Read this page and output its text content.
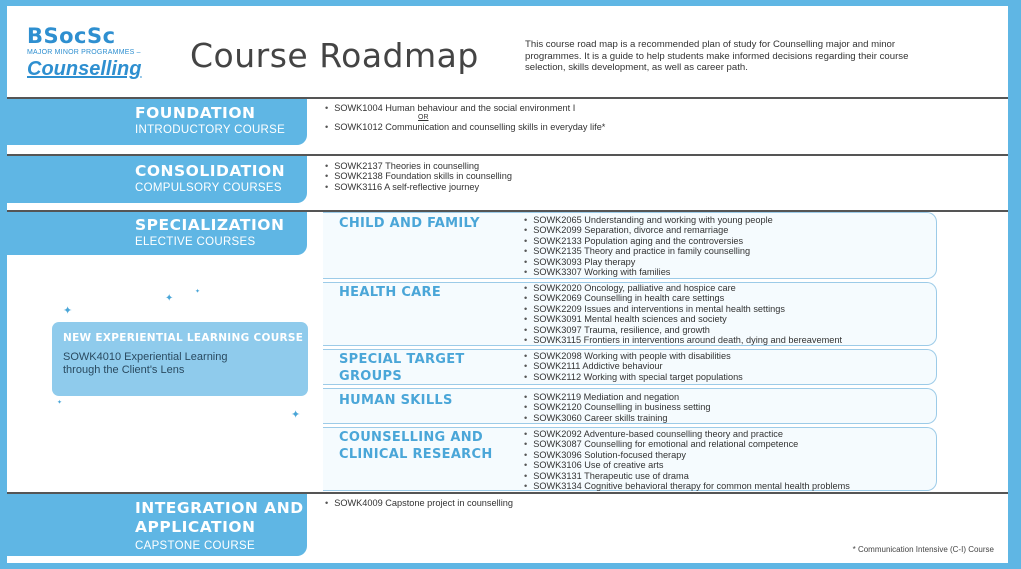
BSocSc
MAJOR MINOR PROGRAMMES –
Counselling	Course Roadmap	This course road map is a recommended plan of study for Counselling major and minor programmes. It is a guide to help students make informed decisions regarding their course selection, skills development, as well as career path.
FOUNDATION
INTRODUCTORY COURSE
• SOWK1004 Human behaviour and the social environment I
OR
• SOWK1012 Communication and counselling skills in everyday life*
CONSOLIDATION
COMPULSORY COURSES
• SOWK2137 Theories in counselling
• SOWK2138 Foundation skills in counselling
• SOWK3116 A self-reflective journey
SPECIALIZATION
ELECTIVE COURSES
CHILD AND FAMILY	• SOWK2065 Understanding and working with young people
• SOWK2099 Separation, divorce and remarriage
• SOWK2133 Population aging and the controversies
• SOWK2135 Theory and practice in family counselling
• SOWK3093 Play therapy
• SOWK3307 Working with families
HEALTH CARE	• SOWK2020 Oncology, palliative and hospice care
• SOWK2069 Counselling in health care settings
• SOWK2209 Issues and interventions in mental health settings
• SOWK3091 Mental health sciences and society
• SOWK3097 Trauma, resilience, and growth
• SOWK3115 Frontiers in interventions around death, dying and bereavement
SPECIAL TARGET
GROUPS
• SOWK2098 Working with people with disabilities
• SOWK2111 Addictive behaviour
• SOWK2112 Working with special target populations
HUMAN SKILLS	• SOWK2119 Mediation and negation
• SOWK2120 Counselling in business setting
• SOWK3060 Career skills training
COUNSELLING AND
CLINICAL RESEARCH
• SOWK2092 Adventure-based counselling theory and practice
• SOWK3087 Counselling for emotional and relational competence
• SOWK3096 Solution-focused therapy
• SOWK3106 Use of creative arts
• SOWK3131 Therapeutic use of drama
• SOWK3134 Cognitive behavioral therapy for common mental health problems
✦
✦
✦
✦
✦
NEW EXPERIENTIAL LEARNING COURSE
SOWK4010 Experiential Learning
through the Client's Lens
INTEGRATION AND
APPLICATION
CAPSTONE COURSE
• SOWK4009 Capstone project in counselling
* Communication Intensive (C-I) Course
